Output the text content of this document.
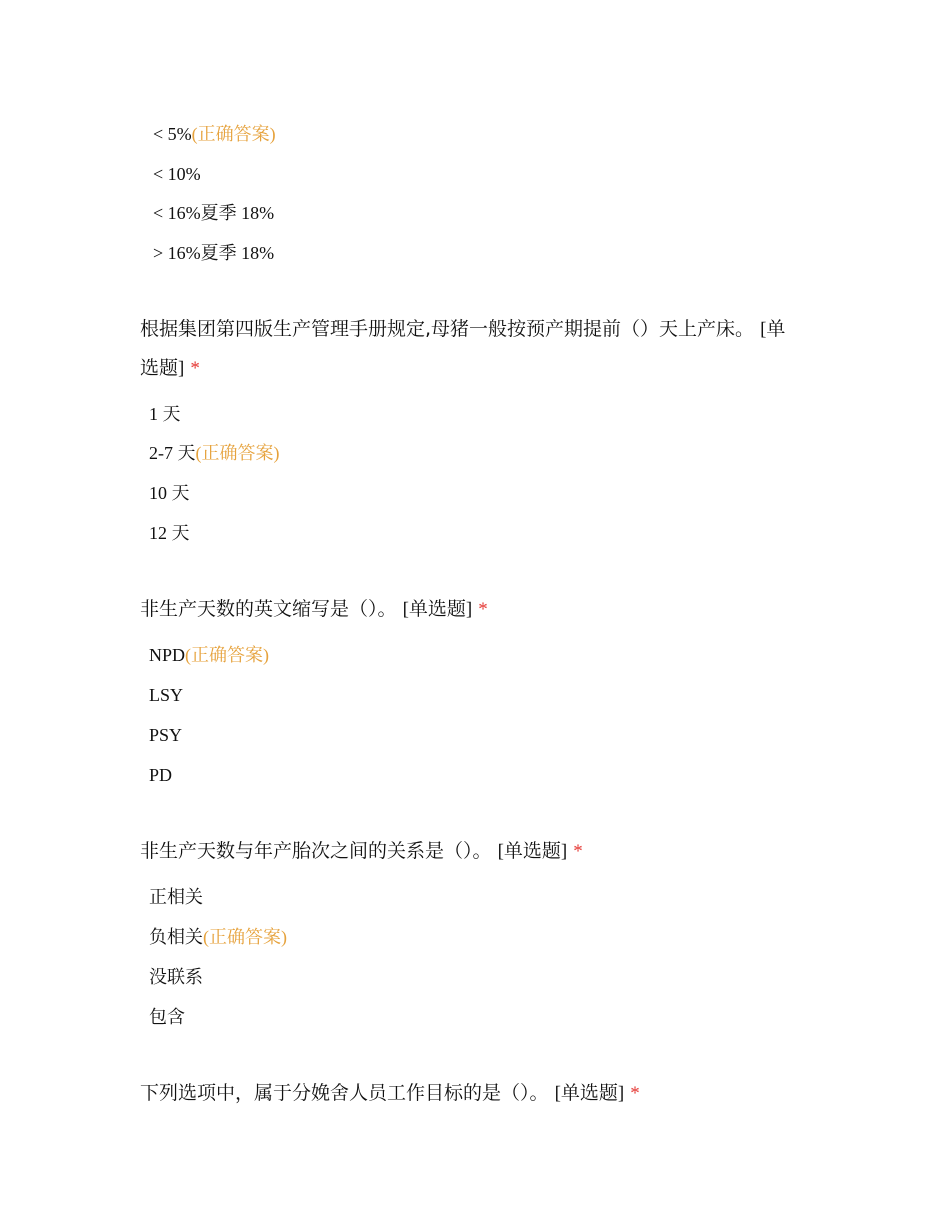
< 5%(正确答案)
< 10%
< 16%夏季 18%
> 16%夏季 18%
根据集团第四版生产管理手册规定,母猪一般按预产期提前（）天上产床。 [单选题] *
1 天
2-7 天(正确答案)
10 天
12 天
非生产天数的英文缩写是（）。 [单选题] *
NPD(正确答案)
LSY
PSY
PD
非生产天数与年产胎次之间的关系是（）。 [单选题] *
正相关
负相关(正确答案)
没联系
包含
下列选项中，属于分娩舍人员工作目标的是（）。 [单选题] *
